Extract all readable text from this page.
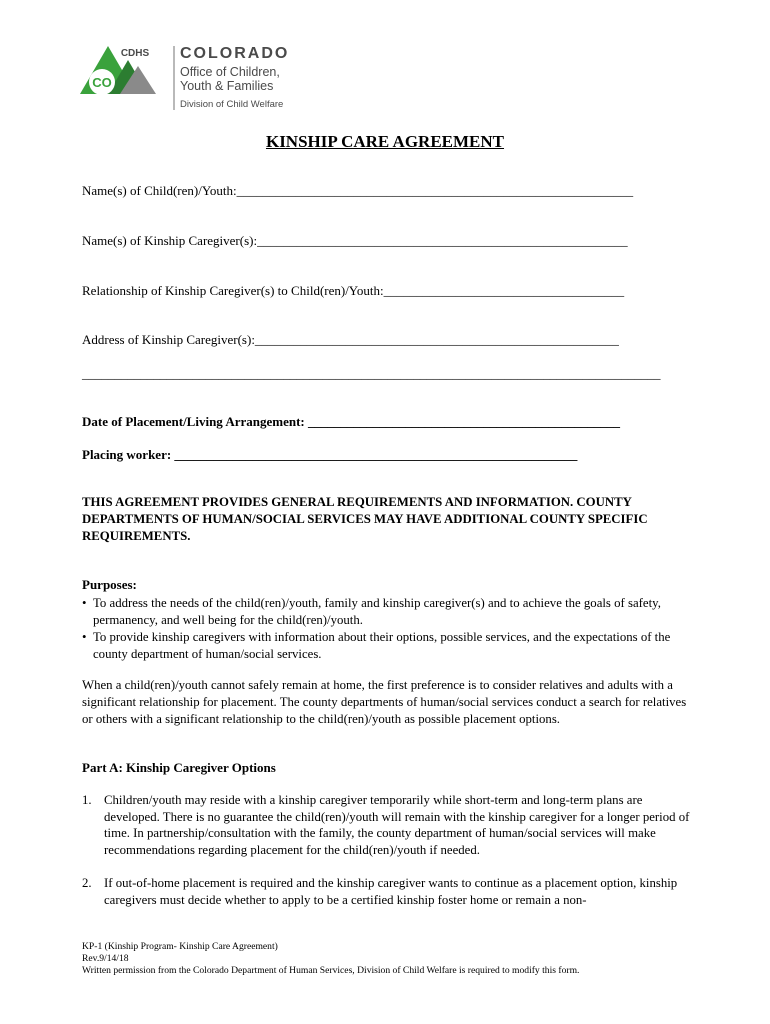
CDHS
CO
COLORADO
Office of Children,
Youth & Families
Division of Child Welfare
KINSHIP CARE AGREEMENT
Name(s) of Child(ren)/Youth:_____________________________________________________________
Name(s) of Kinship Caregiver(s):_________________________________________________________
Relationship of Kinship Caregiver(s) to Child(ren)/Youth:_____________________________________
Address of Kinship Caregiver(s):________________________________________________________
_________________________________________________________________________________________
Date of Placement/Living Arrangement: ________________________________________________
Placing worker: ______________________________________________________________
THIS AGREEMENT PROVIDES GENERAL REQUIREMENTS AND INFORMATION. COUNTY DEPARTMENTS OF HUMAN/SOCIAL SERVICES MAY HAVE ADDITIONAL COUNTY SPECIFIC REQUIREMENTS.
Purposes:
• To address the needs of the child(ren)/youth, family and kinship caregiver(s) and to achieve the goals of safety, permanency, and well being for the child(ren)/youth.
• To provide kinship caregivers with information about their options, possible services, and the expectations of the county department of human/social services.

When a child(ren)/youth cannot safely remain at home, the first preference is to consider relatives and adults with a significant relationship for placement. The county departments of human/social services conduct a search for relatives or others with a significant relationship to the child(ren)/youth as possible placement options.

Part A: Kinship Caregiver Options
1. Children/youth may reside with a kinship caregiver temporarily while short-term and long-term plans are developed. There is no guarantee the child(ren)/youth will remain with the kinship caregiver for a longer period of time. In partnership/consultation with the family, the county department of human/social services will make recommendations regarding placement for the child(ren)/youth if needed.
2. If out-of-home placement is required and the kinship caregiver wants to continue as a placement option, kinship caregivers must decide whether to apply to be a certified kinship foster home or remain a non-
KP-1 (Kinship Program- Kinship Care Agreement)
Rev.9/14/18
Written permission from the Colorado Department of Human Services, Division of Child Welfare is required to modify this form.
